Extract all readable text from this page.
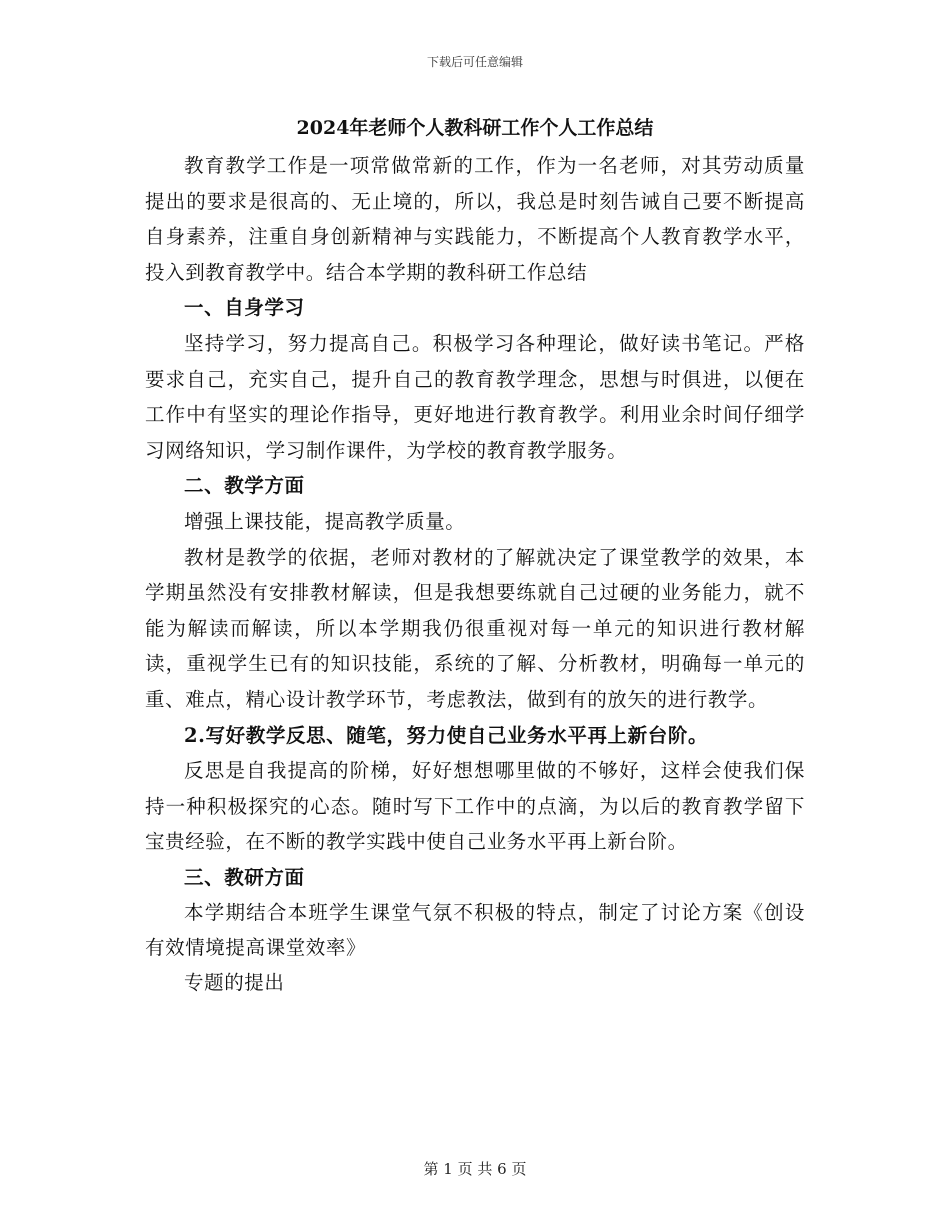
下载后可任意编辑
2024年老师个人教科研工作个人工作总结

教育教学工作是一项常做常新的工作，作为一名老师，对其劳动质量提出的要求是很高的、无止境的，所以，我总是时刻告诫自己要不断提高自身素养，注重自身创新精神与实践能力，不断提高个人教育教学水平，投入到教育教学中。结合本学期的教科研工作总结

一、自身学习

坚持学习，努力提高自己。积极学习各种理论，做好读书笔记。严格要求自己，充实自己，提升自己的教育教学理念，思想与时俱进，以便在工作中有坚实的理论作指导，更好地进行教育教学。利用业余时间仔细学习网络知识，学习制作课件，为学校的教育教学服务。

二、教学方面

增强上课技能，提高教学质量。

教材是教学的依据，老师对教材的了解就决定了课堂教学的效果，本学期虽然没有安排教材解读，但是我想要练就自己过硬的业务能力，就不能为解读而解读，所以本学期我仍很重视对每一单元的知识进行教材解读，重视学生已有的知识技能，系统的了解、分析教材，明确每一单元的重、难点，精心设计教学环节，考虑教法，做到有的放矢的进行教学。

2.写好教学反思、随笔，努力使自己业务水平再上新台阶。

反思是自我提高的阶梯，好好想想哪里做的不够好，这样会使我们保持一种积极探究的心态。随时写下工作中的点滴，为以后的教育教学留下宝贵经验，在不断的教学实践中使自己业务水平再上新台阶。

三、教研方面

本学期结合本班学生课堂气氛不积极的特点，制定了讨论方案《创设有效情境提高课堂效率》

专题的提出

第 1 页 共 6 页
